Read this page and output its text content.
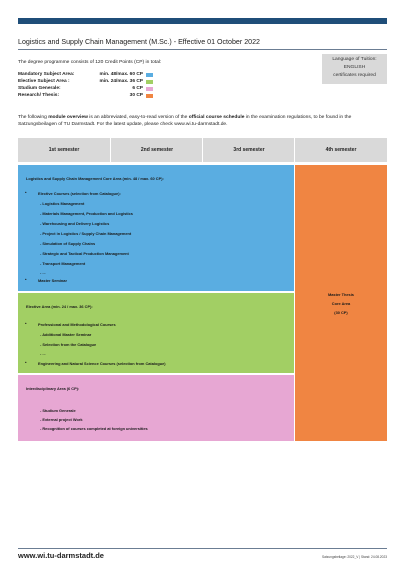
Logistics and Supply Chain Management (M.Sc.) - Effective 01 October 2022
The degree programme consists of 120 Credit Points (CP) in total:
Mandatory Subject Area:	min. 48/max. 60 CP
Elective Subject Area :	min. 24/max. 36 CP
Studium Generale:	6 CP
Research/ Thesis:	30 CP
Language of Tuition:
ENGLISH
certificates required
The following module overview is an abbreviated, easy-to-read version of the official course schedule in the examination regulations, to be found in the Satzungsbeilagen of TU Darmstadt. For the latest update, please check www.wi.tu-darmstadt.de.
1st semester	2nd semester	3rd semester	4th semester
Logistics and Supply Chain Management Core Area (min. 48 / max. 60 CP):
•	Elective Courses (selection from Catalogue):
- Logistics Management
- Materials Management, Production and Logistics
- Warehousing and Delivery Logistics
- Project in Logistics / Supply Chain Management
- Simulation of Supply Chains
- Strategic and Tactical Production Management
- Transport Management
- ...
•	Master Seminar
Elective Area (min. 24 / max. 36 CP):
•	Professional and Methodological Courses
- Additional Master Seminar
- Selection from the Catalogue
- ...
•	Engineering and Natural Science Courses (selection from Catalogue)
Interdisciplinary Area (6 CP):
- Studium Generale
- External project Work
- Recognition of courses completed at foreign universities
Master Thesis
Core Area
(30 CP)
www.wi.tu-darmstadt.de	Satzungsbeilage: 2022_V | Stand: 24.08.2023
